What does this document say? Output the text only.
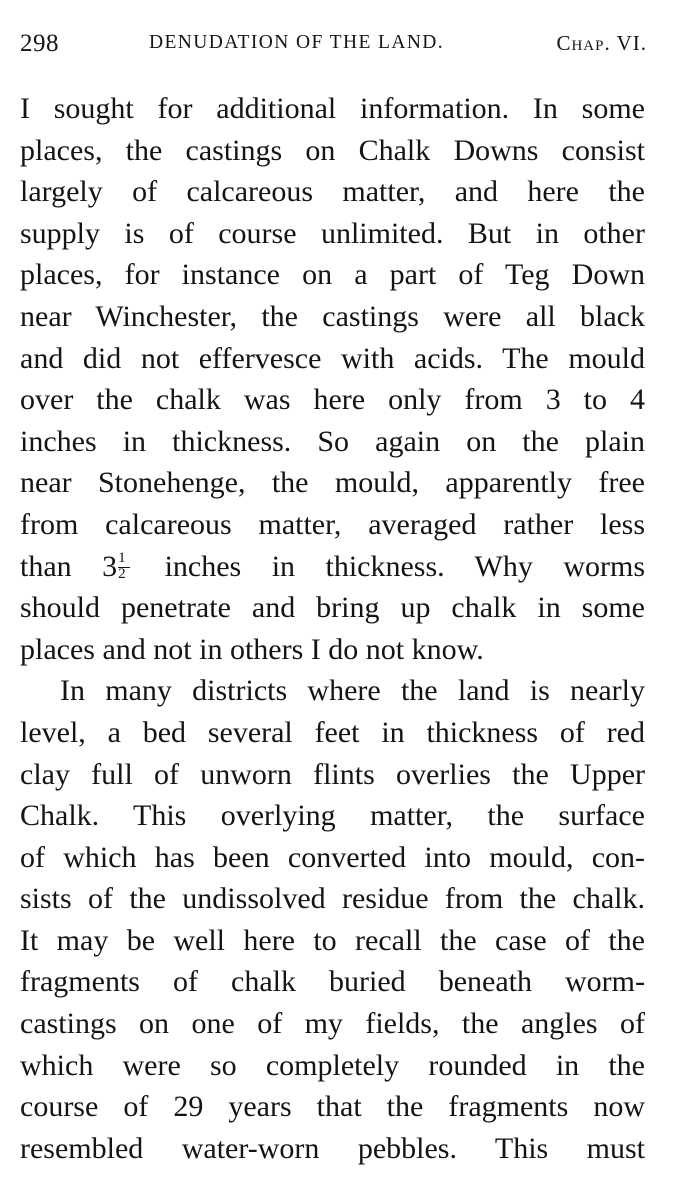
298	DENUDATION OF THE LAND.	Chap. VI.
I sought for additional information. In some
places, the castings on Chalk Downs consist
largely of calcareous matter, and here the
supply is of course unlimited. But in other
places, for instance on a part of Teg Down
near Winchester, the castings were all black
and did not effervesce with acids. The mould
over the chalk was here only from 3 to 4
inches in thickness. So again on the plain
near Stonehenge, the mould, apparently free
from calcareous matter, averaged rather less
than $3 \frac{1}{2}$ inches in thickness. Why worms
should penetrate and bring up chalk in some
places and not in others I do not know.
In many districts where the land is nearly
level, a bed several feet in thickness of red
clay full of unworn flints overlies the Upper
Chalk. This overlying matter, the surface
of which has been converted into mould, con-
sists of the undissolved residue from the chalk.
It may be well here to recall the case of the
fragments of chalk buried beneath worm-
castings on one of my fields, the angles of
which were so completely rounded in the
course of 29 years that the fragments now
resembled water-worn pebbles. This must
